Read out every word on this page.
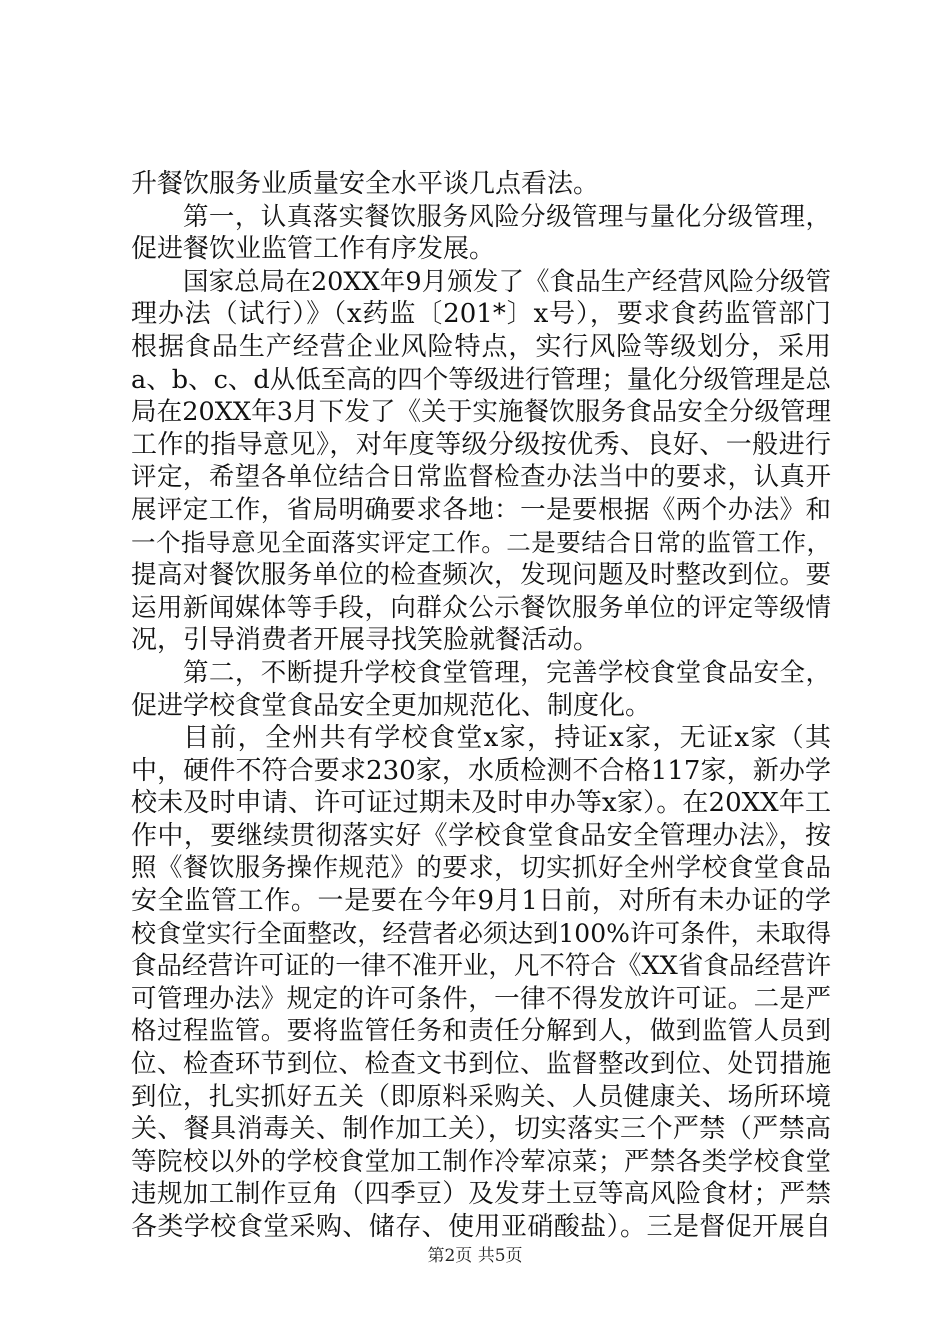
升餐饮服务业质量安全水平谈几点看法。
第一，认真落实餐饮服务风险分级管理与量化分级管理，
促进餐饮业监管工作有序发展。
国家总局在20XX年9月颁发了《食品生产经营风险分级管
理办法（试行）》（x药监〔201*〕x号），要求食药监管部门
根据食品生产经营企业风险特点，实行风险等级划分，采用
a、b、c、d从低至高的四个等级进行管理；量化分级管理是总
局在20XX年3月下发了《关于实施餐饮服务食品安全分级管理
工作的指导意见》，对年度等级分级按优秀、良好、一般进行
评定，希望各单位结合日常监督检查办法当中的要求，认真开
展评定工作，省局明确要求各地：一是要根据《两个办法》和
一个指导意见全面落实评定工作。二是要结合日常的监管工作，
提高对餐饮服务单位的检查频次，发现问题及时整改到位。要
运用新闻媒体等手段，向群众公示餐饮服务单位的评定等级情
况，引导消费者开展寻找笑脸就餐活动。
第二，不断提升学校食堂管理，完善学校食堂食品安全，
促进学校食堂食品安全更加规范化、制度化。
目前，全州共有学校食堂x家，持证x家，无证x家（其
中，硬件不符合要求230家，水质检测不合格117家，新办学
校未及时申请、许可证过期未及时申办等x家）。在20XX年工
作中，要继续贯彻落实好《学校食堂食品安全管理办法》，按
照《餐饮服务操作规范》的要求，切实抓好全州学校食堂食品
安全监管工作。一是要在今年9月1日前，对所有未办证的学
校食堂实行全面整改，经营者必须达到100%许可条件，未取得
食品经营许可证的一律不准开业，凡不符合《XX省食品经营许
可管理办法》规定的许可条件，一律不得发放许可证。二是严
格过程监管。要将监管任务和责任分解到人，做到监管人员到
位、检查环节到位、检查文书到位、监督整改到位、处罚措施
到位，扎实抓好五关（即原料采购关、人员健康关、场所环境
关、餐具消毒关、制作加工关），切实落实三个严禁（严禁高
等院校以外的学校食堂加工制作冷荤凉菜；严禁各类学校食堂
违规加工制作豆角（四季豆）及发芽土豆等高风险食材；严禁
各类学校食堂采购、储存、使用亚硝酸盐）。三是督促开展自
第2页 共5页
